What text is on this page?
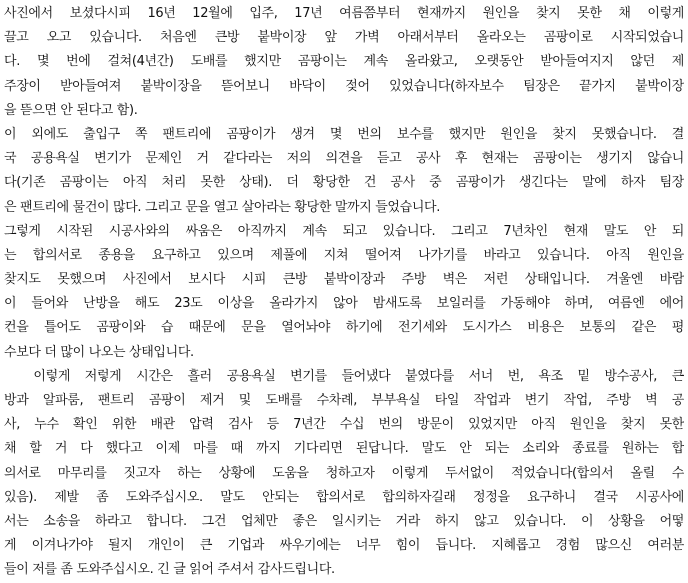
사진에서 보셨다시피 16년 12월에 입주, 17년 여름쯤부터 현재까지 원인을 찾지 못한 채 이렇게
끌고 오고 있습니다. 처음엔 큰방 붙박이장 앞 가벽 아래서부터 올라오는 곰팡이로 시작되었습니
다. 몇 번에 걸쳐(4년간) 도배를 했지만 곰팡이는 계속 올라왔고, 오랫동안 받아들여지지 않던 제
주장이 받아들여져 붙박이장을 뜯어보니 바닥이 젖어 있었습니다(하자보수 팀장은 끝가지 붙박이장
을 뜯으면 안 된다고 함).
이 외에도 출입구 쪽 팬트리에 곰팡이가 생겨 몇 번의 보수를 했지만 원인을 찾지 못했습니다. 결
국 공용욕실 변기가 문제인 거 같다라는 저의 의견을 듣고 공사 후 현재는 곰팡이는 생기지 않습니
다(기존 곰팡이는 아직 처리 못한 상태). 더 황당한 건 공사 중 곰팡이가 생긴다는 말에 하자 팀장
은 팬트리에 물건이 많다. 그리고 문을 열고 살아라는 황당한 말까지 들었습니다.
그렇게 시작된 시공사와의 싸움은 아직까지 계속 되고 있습니다. 그리고 7년차인 현재 말도 안 되
는 합의서로 종용을 요구하고 있으며 제풀에 지쳐 떨어져 나가기를 바라고 있습니다. 아직 원인을
찾지도 못했으며 사진에서 보시다 시피 큰방 붙박이장과 주방 벽은 저런 상태입니다. 겨울엔 바람
이 들어와 난방을 해도 23도 이상을 올라가지 않아 밤새도록 보일러를 가동해야 하며, 여름엔 에어
컨을 틀어도 곰팡이와 습 때문에 문을 열어놔야 하기에 전기세와 도시가스 비용은 보통의 같은 평
수보다 더 많이 나오는 상태입니다.
이렇게 저렇게 시간은 흘러 공용욕실 변기를 들어냈다 붙였다를 서너 번, 욕조 밑 방수공사, 큰
방과 알파룸, 팬트리 곰팡이 제거 및 도배를 수차례, 부부욕실 타일 작업과 변기 작업, 주방 벽 공
사, 누수 확인 위한 배관 압력 검사 등 7년간 수십 번의 방문이 있었지만 아직 원인을 찾지 못한
채 할 거 다 했다고 이제 마를 때 까지 기다리면 된답니다. 말도 안 되는 소리와 종료를 원하는 합
의서로 마무리를 짓고자 하는 상황에 도움을 청하고자 이렇게 두서없이 적었습니다(합의서 올릴 수
있음). 제발 좀 도와주십시오. 말도 안되는 합의서로 합의하자길래 정정을 요구하니 결국 시공사에
서는 소송을 하라고 합니다. 그건 업체만 좋은 일시키는 거라 하지 않고 있습니다. 이 상황을 어떻
게 이겨나가야 될지 개인이 큰 기업과 싸우기에는 너무 힘이 듭니다. 지혜롭고 경험 많으신 여러분
들이 저를 좀 도와주십시오. 긴 글 읽어 주셔서 감사드립니다.
